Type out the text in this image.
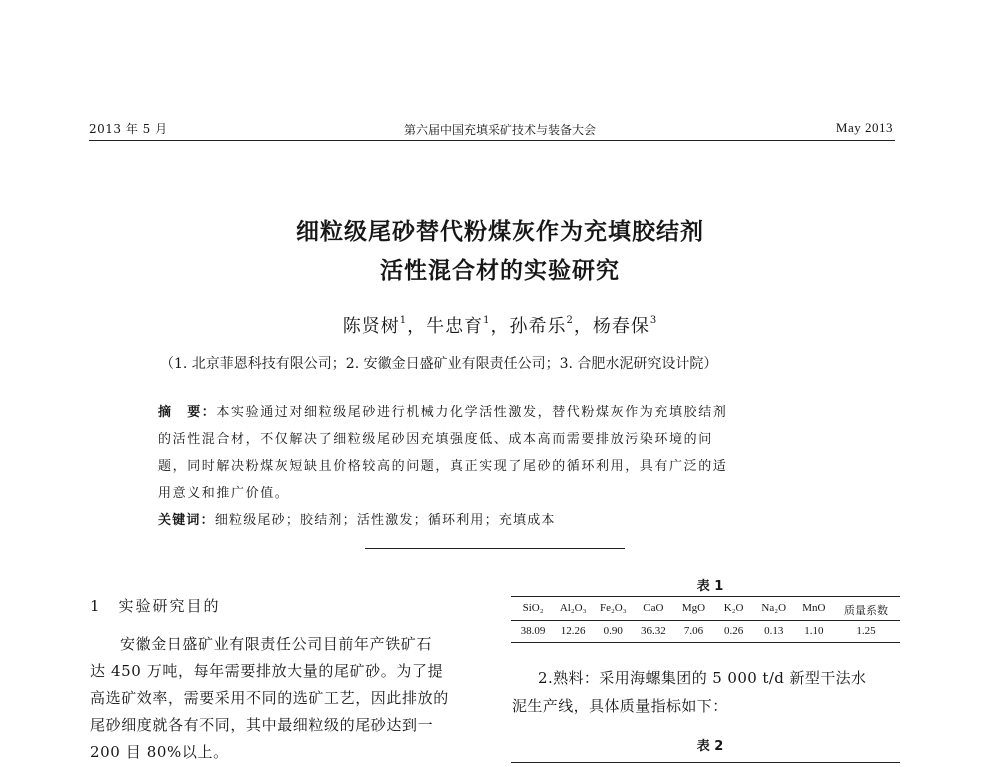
2013 年 5 月	第六届中国充填采矿技术与装备大会	May 2013
细粒级尾砂替代粉煤灰作为充填胶结剂
活性混合材的实验研究
陈贤树$^1$，牛忠育$^1$，孙希乐$^2$，杨春保$^3$
（1. 北京菲恩科技有限公司；2. 安徽金日盛矿业有限责任公司；3. 合肥水泥研究设计院）
摘　要：本实验通过对细粒级尾砂进行机械力化学活性激发，替代粉煤灰作为充填胶结剂
的活性混合材，不仅解决了细粒级尾砂因充填强度低、成本高而需要排放污染环境的问
题，同时解决粉煤灰短缺且价格较高的问题，真正实现了尾砂的循环利用，具有广泛的适
用意义和推广价值。
关键词：细粒级尾砂；胶结剂；活性激发；循环利用；充填成本
1　实验研究目的
安徽金日盛矿业有限责任公司目前年产铁矿石
达 450 万吨，每年需要排放大量的尾矿砂。为了提
高选矿效率，需要采用不同的选矿工艺，因此排放的
尾砂细度就各有不同，其中最细粒级的尾砂达到一
200 目 80%以上。
表 1
SiO₂	Al₂O₃	Fe₂O₃	CaO	MgO	K₂O	Na₂O	MnO	质量系数
38.09	12.26	0.90	36.32	7.06	0.26	0.13	1.10	1.25
2.熟料：采用海螺集团的 5 000 t/d 新型干法水
泥生产线，具体质量指标如下：
表 2
